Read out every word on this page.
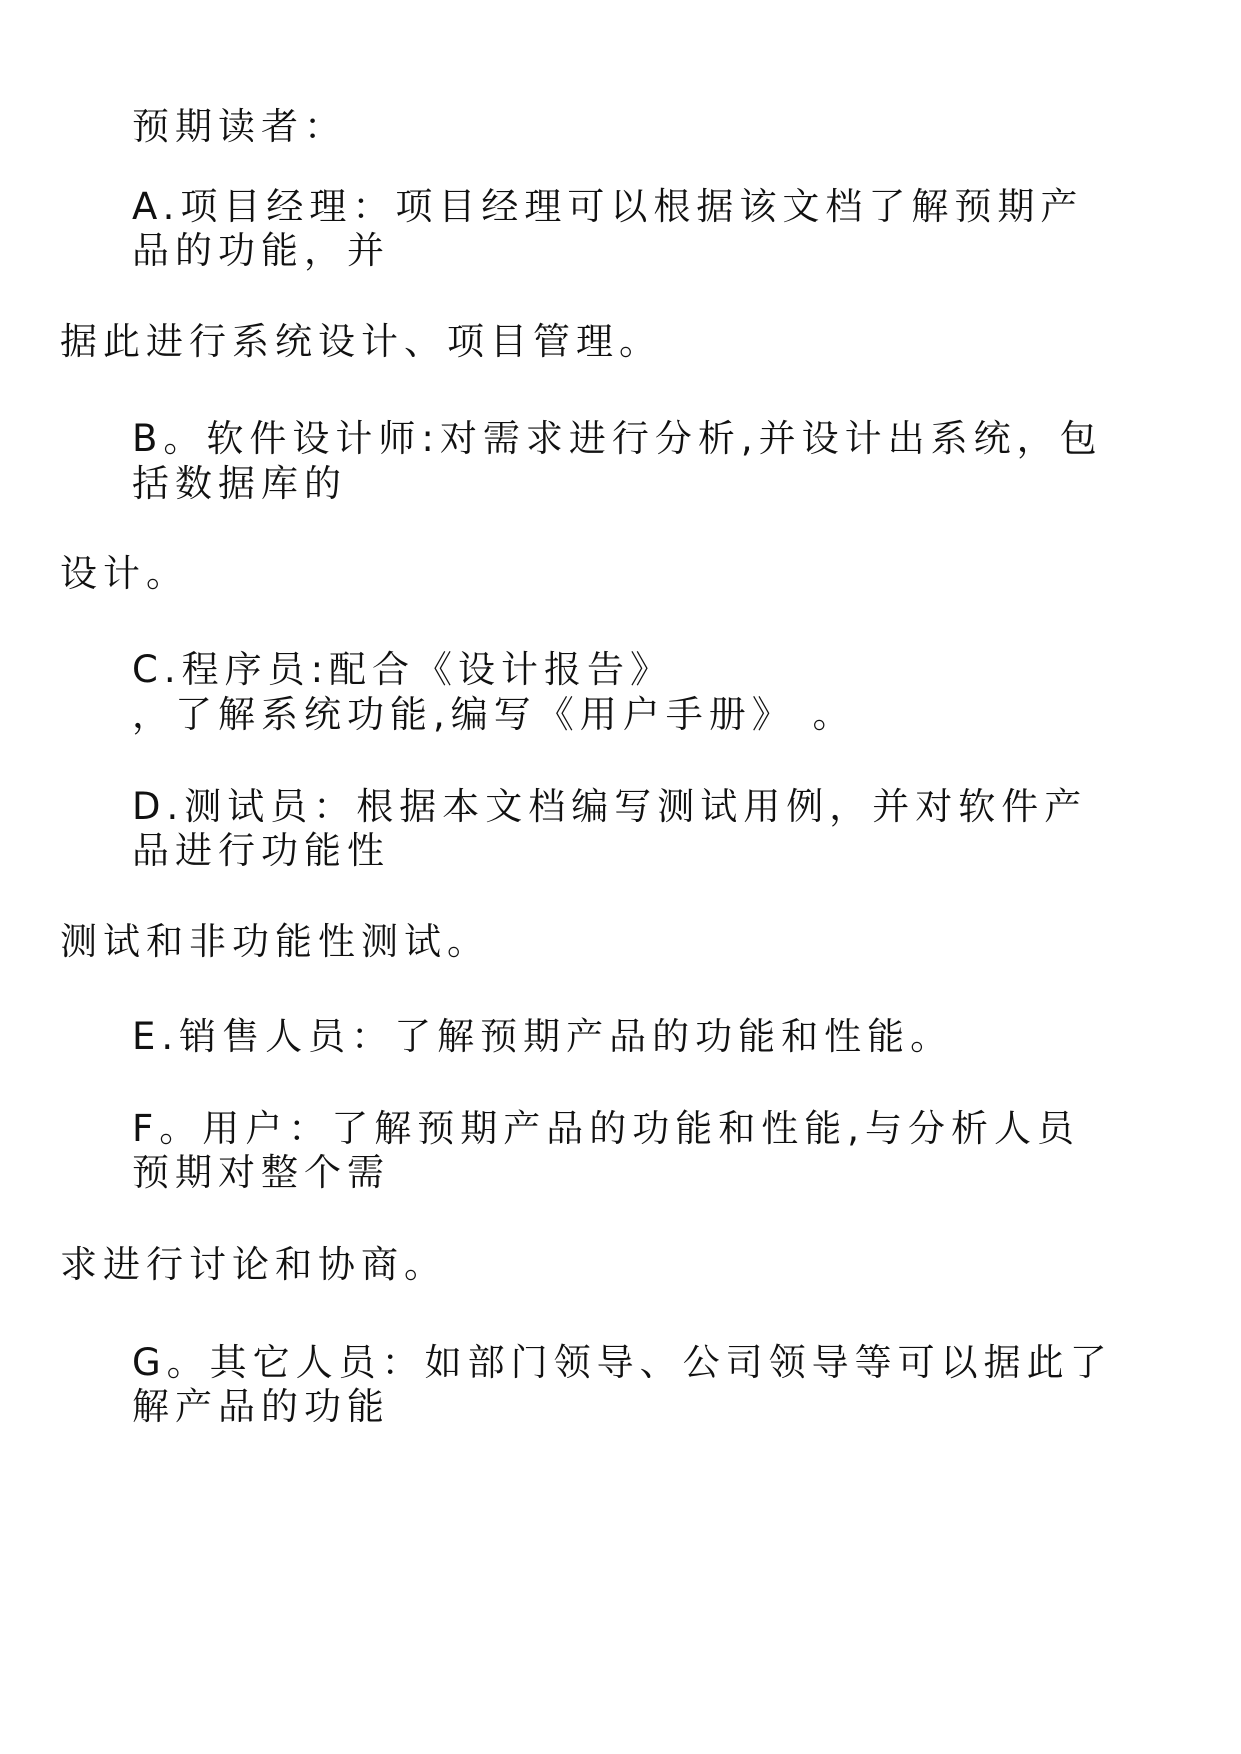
预期读者：
A.项目经理：项目经理可以根据该文档了解预期产
品的功能，并
据此进行系统设计、项目管理。
B。软件设计师:对需求进行分析,并设计出系统，包
括数据库的
设计。
C.程序员:配合《设计报告》
，了解系统功能,编写《用户手册》 。
D.测试员：根据本文档编写测试用例，并对软件产
品进行功能性
测试和非功能性测试。
E.销售人员：了解预期产品的功能和性能。
F。用户：了解预期产品的功能和性能,与分析人员
预期对整个需
求进行讨论和协商。
G。其它人员：如部门领导、公司领导等可以据此了
解产品的功能
